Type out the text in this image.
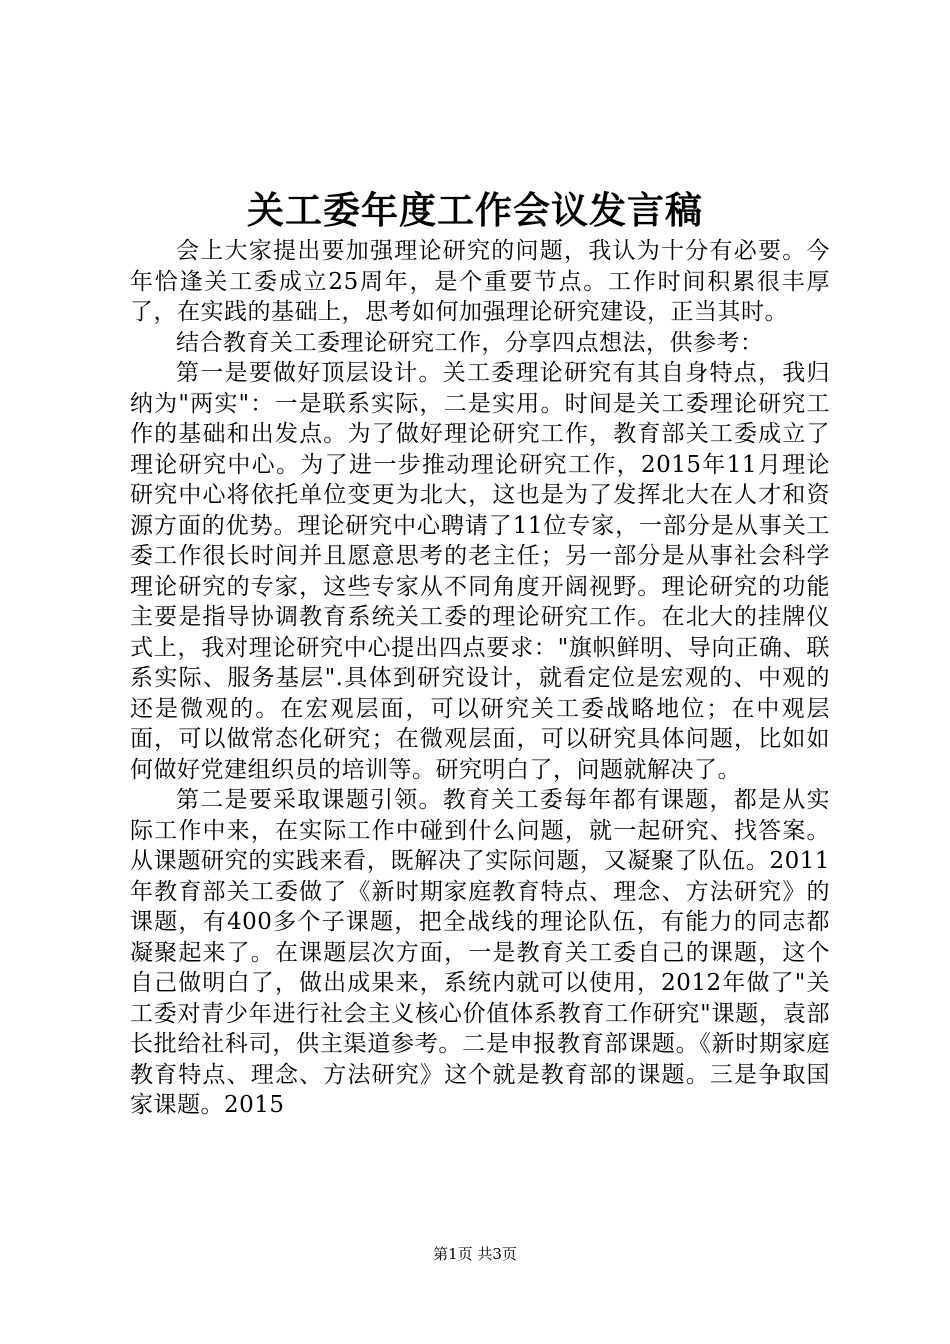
关工委年度工作会议发言稿

会上大家提出要加强理论研究的问题，我认为十分有必要。今年恰逢关工委成立25周年，是个重要节点。工作时间积累很丰厚了，在实践的基础上，思考如何加强理论研究建设，正当其时。

结合教育关工委理论研究工作，分享四点想法，供参考：

第一是要做好顶层设计。关工委理论研究有其自身特点，我归纳为"两实"：一是联系实际，二是实用。时间是关工委理论研究工作的基础和出发点。为了做好理论研究工作，教育部关工委成立了理论研究中心。为了进一步推动理论研究工作，2015年11月理论研究中心将依托单位变更为北大，这也是为了发挥北大在人才和资源方面的优势。理论研究中心聘请了11位专家，一部分是从事关工委工作很长时间并且愿意思考的老主任；另一部分是从事社会科学理论研究的专家，这些专家从不同角度开阔视野。理论研究的功能主要是指导协调教育系统关工委的理论研究工作。在北大的挂牌仪式上，我对理论研究中心提出四点要求："旗帜鲜明、导向正确、联系实际、服务基层".具体到研究设计，就看定位是宏观的、中观的还是微观的。在宏观层面，可以研究关工委战略地位；在中观层面，可以做常态化研究；在微观层面，可以研究具体问题，比如如何做好党建组织员的培训等。研究明白了，问题就解决了。

第二是要采取课题引领。教育关工委每年都有课题，都是从实际工作中来，在实际工作中碰到什么问题，就一起研究、找答案。从课题研究的实践来看，既解决了实际问题，又凝聚了队伍。2011年教育部关工委做了《新时期家庭教育特点、理念、方法研究》的课题，有400多个子课题，把全战线的理论队伍，有能力的同志都凝聚起来了。在课题层次方面，一是教育关工委自己的课题，这个自己做明白了，做出成果来，系统内就可以使用，2012年做了"关工委对青少年进行社会主义核心价值体系教育工作研究"课题，袁部长批给社科司，供主渠道参考。二是申报教育部课题。《新时期家庭教育特点、理念、方法研究》这个就是教育部的课题。三是争取国家课题。2015

第1页 共3页
